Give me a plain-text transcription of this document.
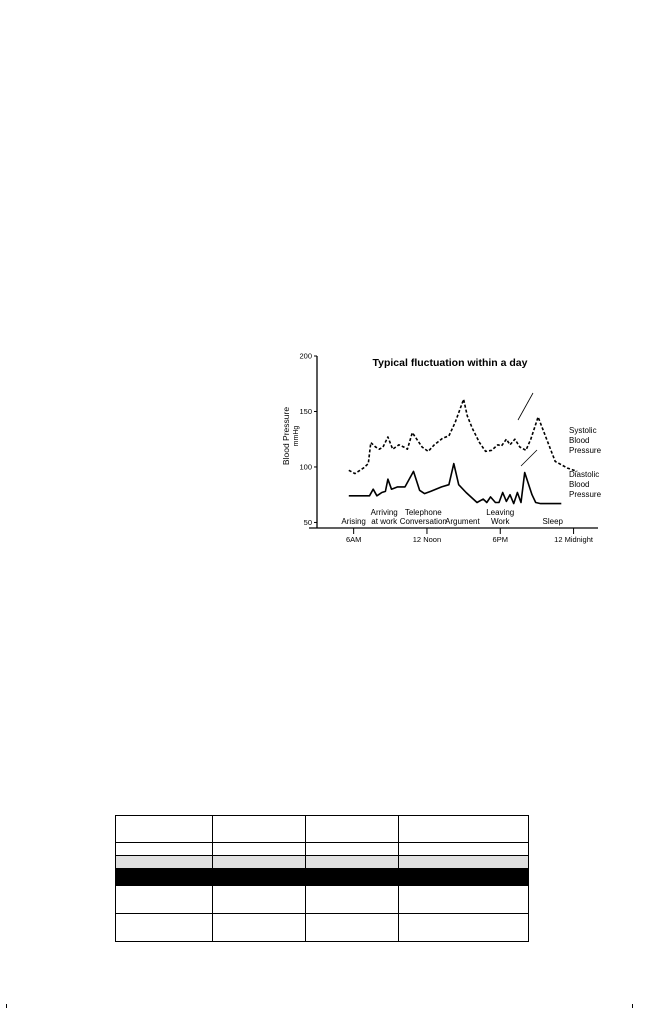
Typical fluctuation within a day
Blood Pressure mmHg
50
100
150
200
6AM	12 Noon	6PM	12 Midnight
Arising
Arriving
at work
Telephone
Conversation
Argument
Leaving
Work	Sleep
Systolic
Blood
Pressure
Diastolic
Blood
Pressure
